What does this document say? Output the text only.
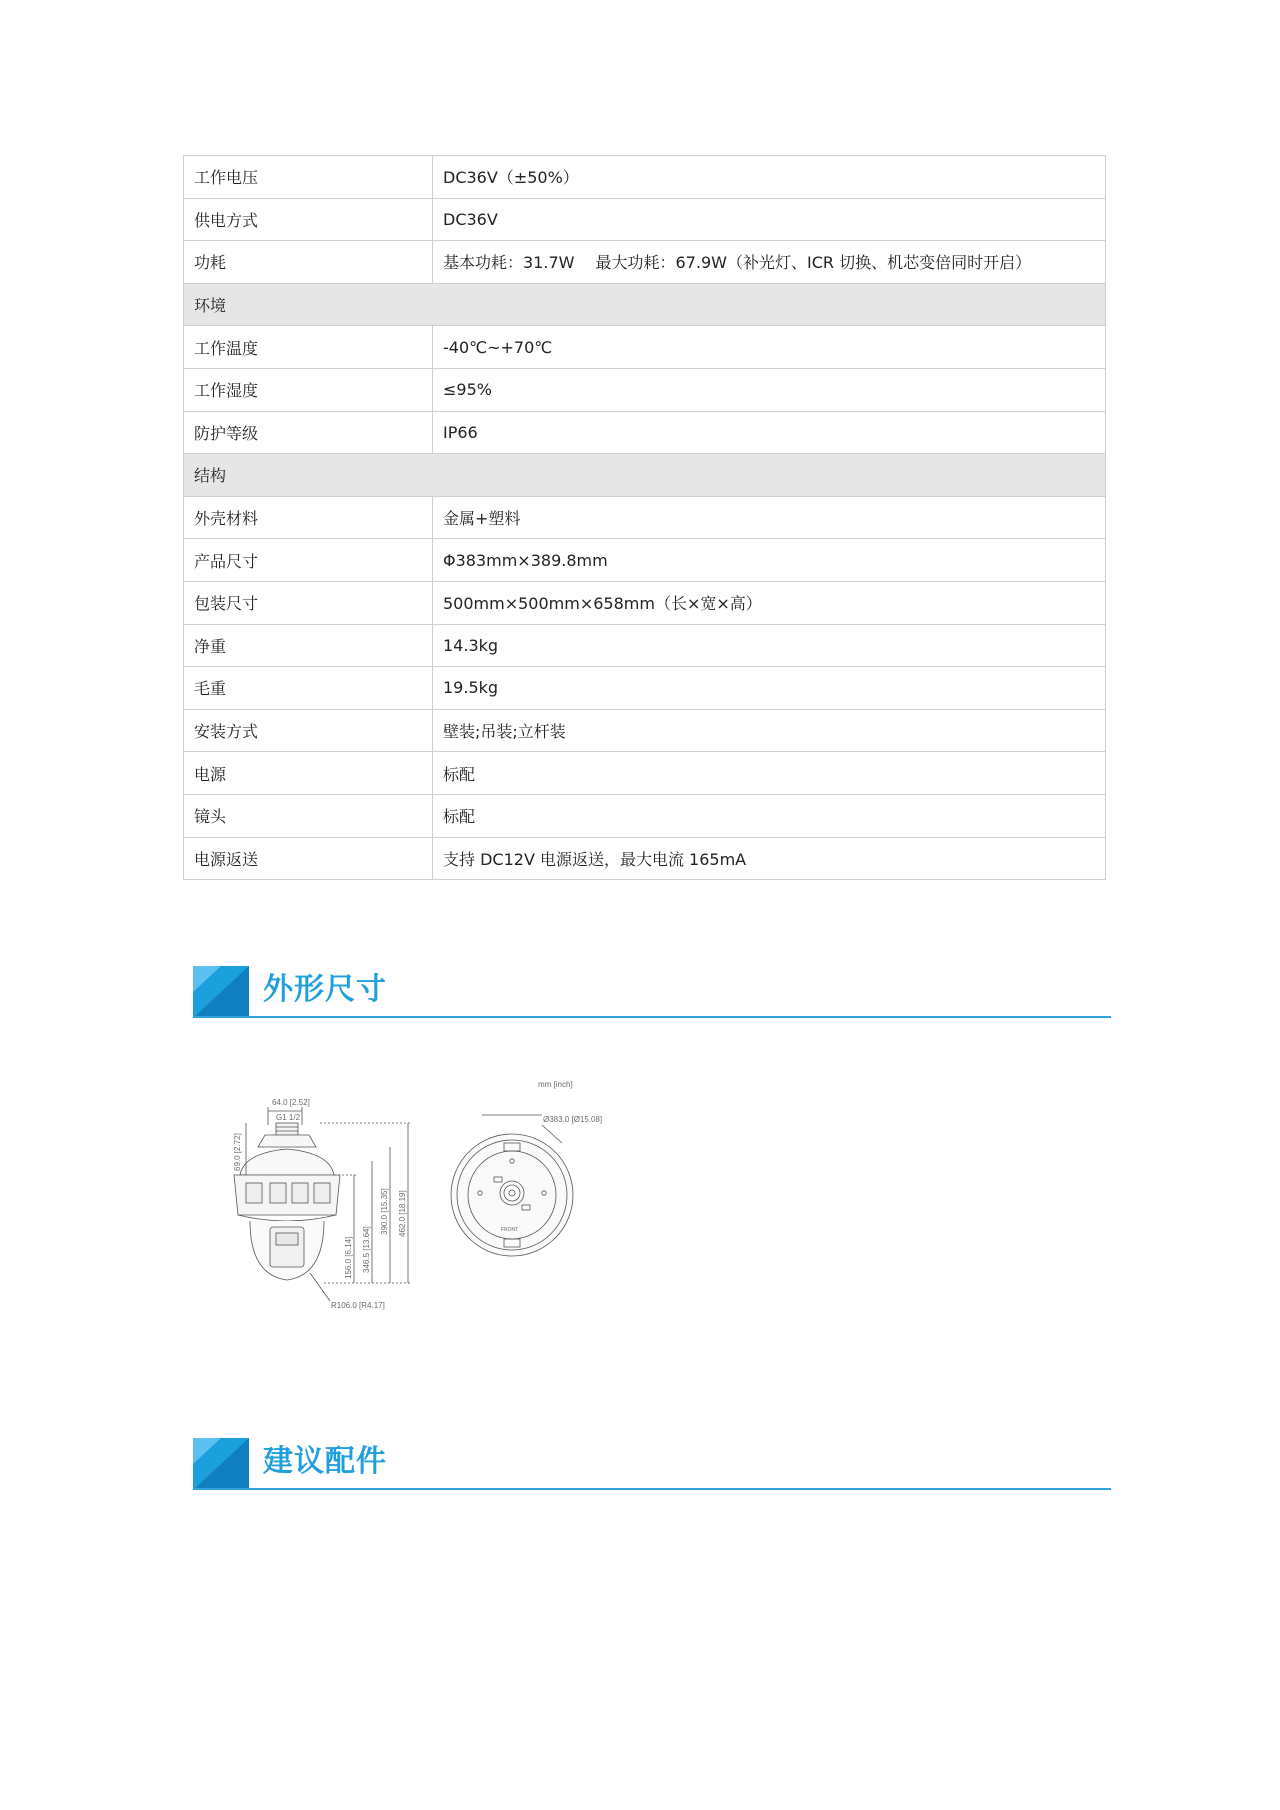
工作电压	DC36V（±50%）
供电方式	DC36V
功耗	基本功耗：31.7W　 最大功耗：67.9W（补光灯、ICR 切换、机芯变倍同时开启）
环境	
工作温度	-40℃~+70℃
工作湿度	≤95%
防护等级	IP66
结构	
外壳材料	金属+塑料
产品尺寸	Φ383mm×389.8mm
包装尺寸	500mm×500mm×658mm（长×宽×高）
净重	14.3kg
毛重	19.5kg
安装方式	壁装;吊装;立杆装
电源	标配
镜头	标配
电源返送	支持 DC12V 电源返送，最大电流 165mA
外形尺寸
mm [inch]
64.0 [2.52]
G1 1/2
69.0 [2.72]
156.0 [6.14] 346.5 [13.64]
390.0 [15.35] 462.0 [18.19]
R106.0 [R4.17]
Ø383.0 [Ø15.08]
FRONT
建议配件
